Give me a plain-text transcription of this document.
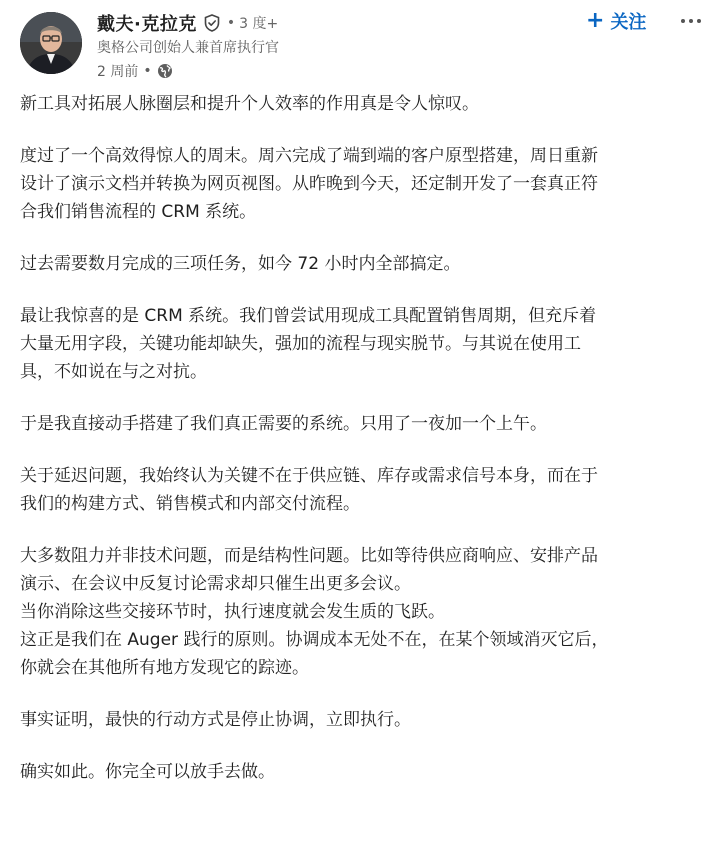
戴夫·克拉克 • 3 度+
奥格公司创始人兼首席执行官
2 周前 •
+ 关注

新工具对拓展人脉圈层和提升个人效率的作用真是令人惊叹。

度过了一个高效得惊人的周末。周六完成了端到端的客户原型搭建，周日重新
设计了演示文档并转换为网页视图。从昨晚到今天，还定制开发了一套真正符
合我们销售流程的 CRM 系统。

过去需要数月完成的三项任务，如今 72 小时内全部搞定。

最让我惊喜的是 CRM 系统。我们曾尝试用现成工具配置销售周期，但充斥着
大量无用字段，关键功能却缺失，强加的流程与现实脱节。与其说在使用工
具，不如说在与之对抗。

于是我直接动手搭建了我们真正需要的系统。只用了一夜加一个上午。

关于延迟问题，我始终认为关键不在于供应链、库存或需求信号本身，而在于
我们的构建方式、销售模式和内部交付流程。

大多数阻力并非技术问题，而是结构性问题。比如等待供应商响应、安排产品
演示、在会议中反复讨论需求却只催生出更多会议。
当你消除这些交接环节时，执行速度就会发生质的飞跃。
这正是我们在 Auger 践行的原则。协调成本无处不在，在某个领域消灭它后，
你就会在其他所有地方发现它的踪迹。

事实证明，最快的行动方式是停止协调，立即执行。

确实如此。你完全可以放手去做。
